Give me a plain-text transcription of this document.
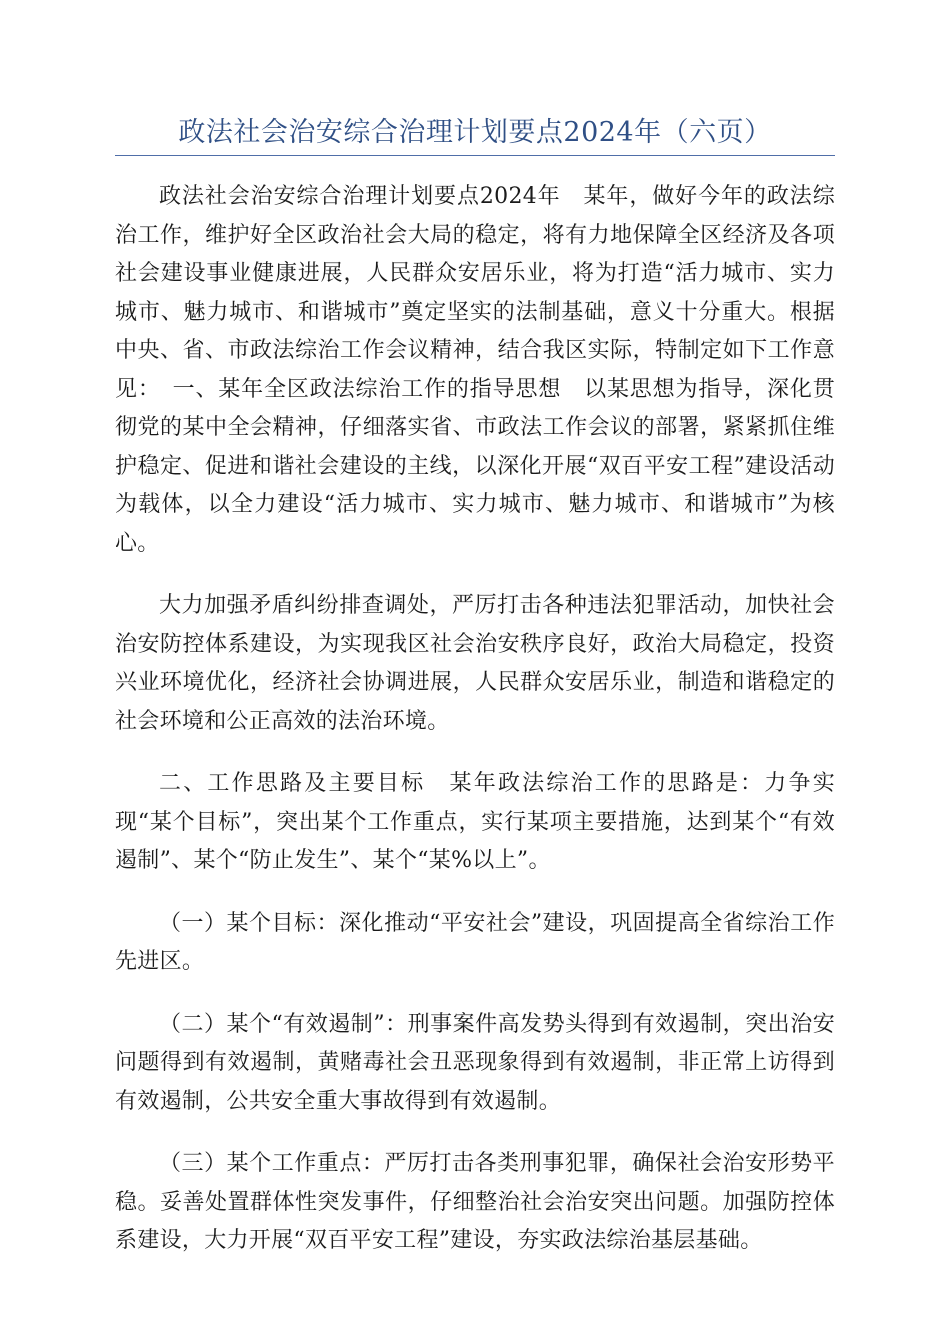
政法社会治安综合治理计划要点2024年（六页）

政法社会治安综合治理计划要点2024年　某年，做好今年的政法综治工作，维护好全区政治社会大局的稳定，将有力地保障全区经济及各项社会建设事业健康进展，人民群众安居乐业，将为打造“活力城市、实力城市、魅力城市、和谐城市”奠定坚实的法制基础，意义十分重大。根据中央、省、市政法综治工作会议精神，结合我区实际，特制定如下工作意见：　一、某年全区政法综治工作的指导思想　以某思想为指导，深化贯彻党的某中全会精神，仔细落实省、市政法工作会议的部署，紧紧抓住维护稳定、促进和谐社会建设的主线，以深化开展“双百平安工程”建设活动为载体，以全力建设“活力城市、实力城市、魅力城市、和谐城市”为核心。

大力加强矛盾纠纷排查调处，严厉打击各种违法犯罪活动，加快社会治安防控体系建设，为实现我区社会治安秩序良好，政治大局稳定，投资兴业环境优化，经济社会协调进展，人民群众安居乐业，制造和谐稳定的社会环境和公正高效的法治环境。

二、工作思路及主要目标　某年政法综治工作的思路是：力争实现“某个目标”，突出某个工作重点，实行某项主要措施，达到某个“有效遏制”、某个“防止发生”、某个“某%以上”。

（一）某个目标：深化推动“平安社会”建设，巩固提高全省综治工作先进区。

（二）某个“有效遏制”：刑事案件高发势头得到有效遏制，突出治安问题得到有效遏制，黄赌毒社会丑恶现象得到有效遏制，非正常上访得到有效遏制，公共安全重大事故得到有效遏制。

（三）某个工作重点：严厉打击各类刑事犯罪，确保社会治安形势平稳。妥善处置群体性突发事件，仔细整治社会治安突出问题。加强防控体系建设，大力开展“双百平安工程”建设，夯实政法综治基层基础。
